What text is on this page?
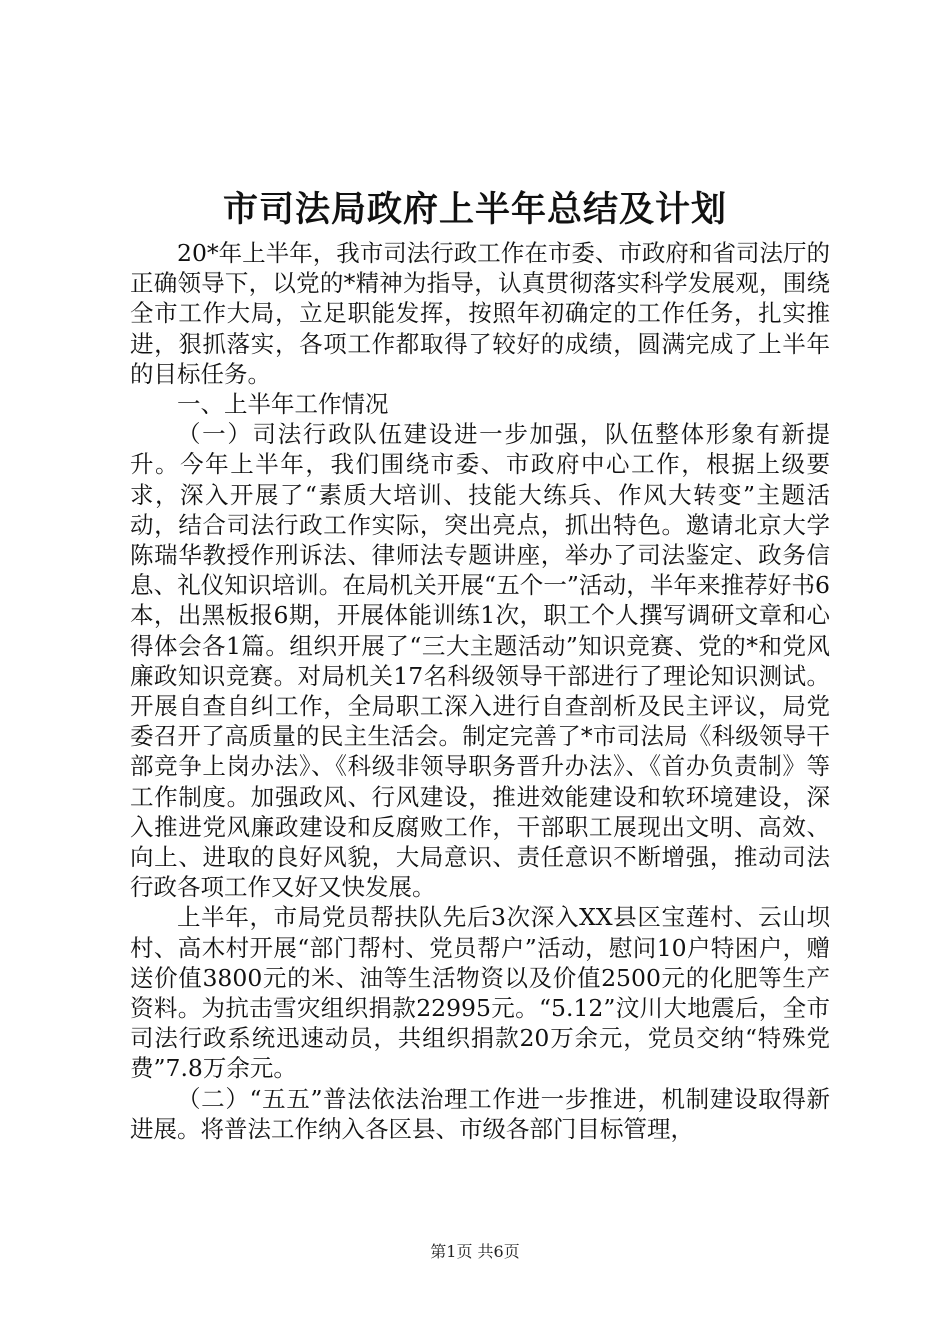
市司法局政府上半年总结及计划

20*年上半年，我市司法行政工作在市委、市政府和省司法厅的正确领导下，以党的*精神为指导，认真贯彻落实科学发展观，围绕全市工作大局，立足职能发挥，按照年初确定的工作任务，扎实推进，狠抓落实，各项工作都取得了较好的成绩，圆满完成了上半年的目标任务。

一、上半年工作情况

（一）司法行政队伍建设进一步加强，队伍整体形象有新提升。今年上半年，我们围绕市委、市政府中心工作，根据上级要求，深入开展了“素质大培训、技能大练兵、作风大转变”主题活动，结合司法行政工作实际，突出亮点，抓出特色。邀请北京大学陈瑞华教授作刑诉法、律师法专题讲座，举办了司法鉴定、政务信息、礼仪知识培训。在局机关开展“五个一”活动，半年来推荐好书6本，出黑板报6期，开展体能训练1次，职工个人撰写调研文章和心得体会各1篇。组织开展了“三大主题活动”知识竞赛、党的*和党风廉政知识竞赛。对局机关17名科级领导干部进行了理论知识测试。开展自查自纠工作，全局职工深入进行自查剖析及民主评议，局党委召开了高质量的民主生活会。制定完善了*市司法局《科级领导干部竞争上岗办法》、《科级非领导职务晋升办法》、《首办负责制》等工作制度。加强政风、行风建设，推进效能建设和软环境建设，深入推进党风廉政建设和反腐败工作，干部职工展现出文明、高效、向上、进取的良好风貌，大局意识、责任意识不断增强，推动司法行政各项工作又好又快发展。

上半年，市局党员帮扶队先后3次深入XX县区宝莲村、云山坝村、高木村开展“部门帮村、党员帮户”活动，慰问10户特困户，赠送价值3800元的米、油等生活物资以及价值2500元的化肥等生产资料。为抗击雪灾组织捐款22995元。“5.12”汶川大地震后，全市司法行政系统迅速动员，共组织捐款20万余元，党员交纳“特殊党费”7.8万余元。

（二）“五五”普法依法治理工作进一步推进，机制建设取得新进展。将普法工作纳入各区县、市级各部门目标管理，

第1页 共6页
